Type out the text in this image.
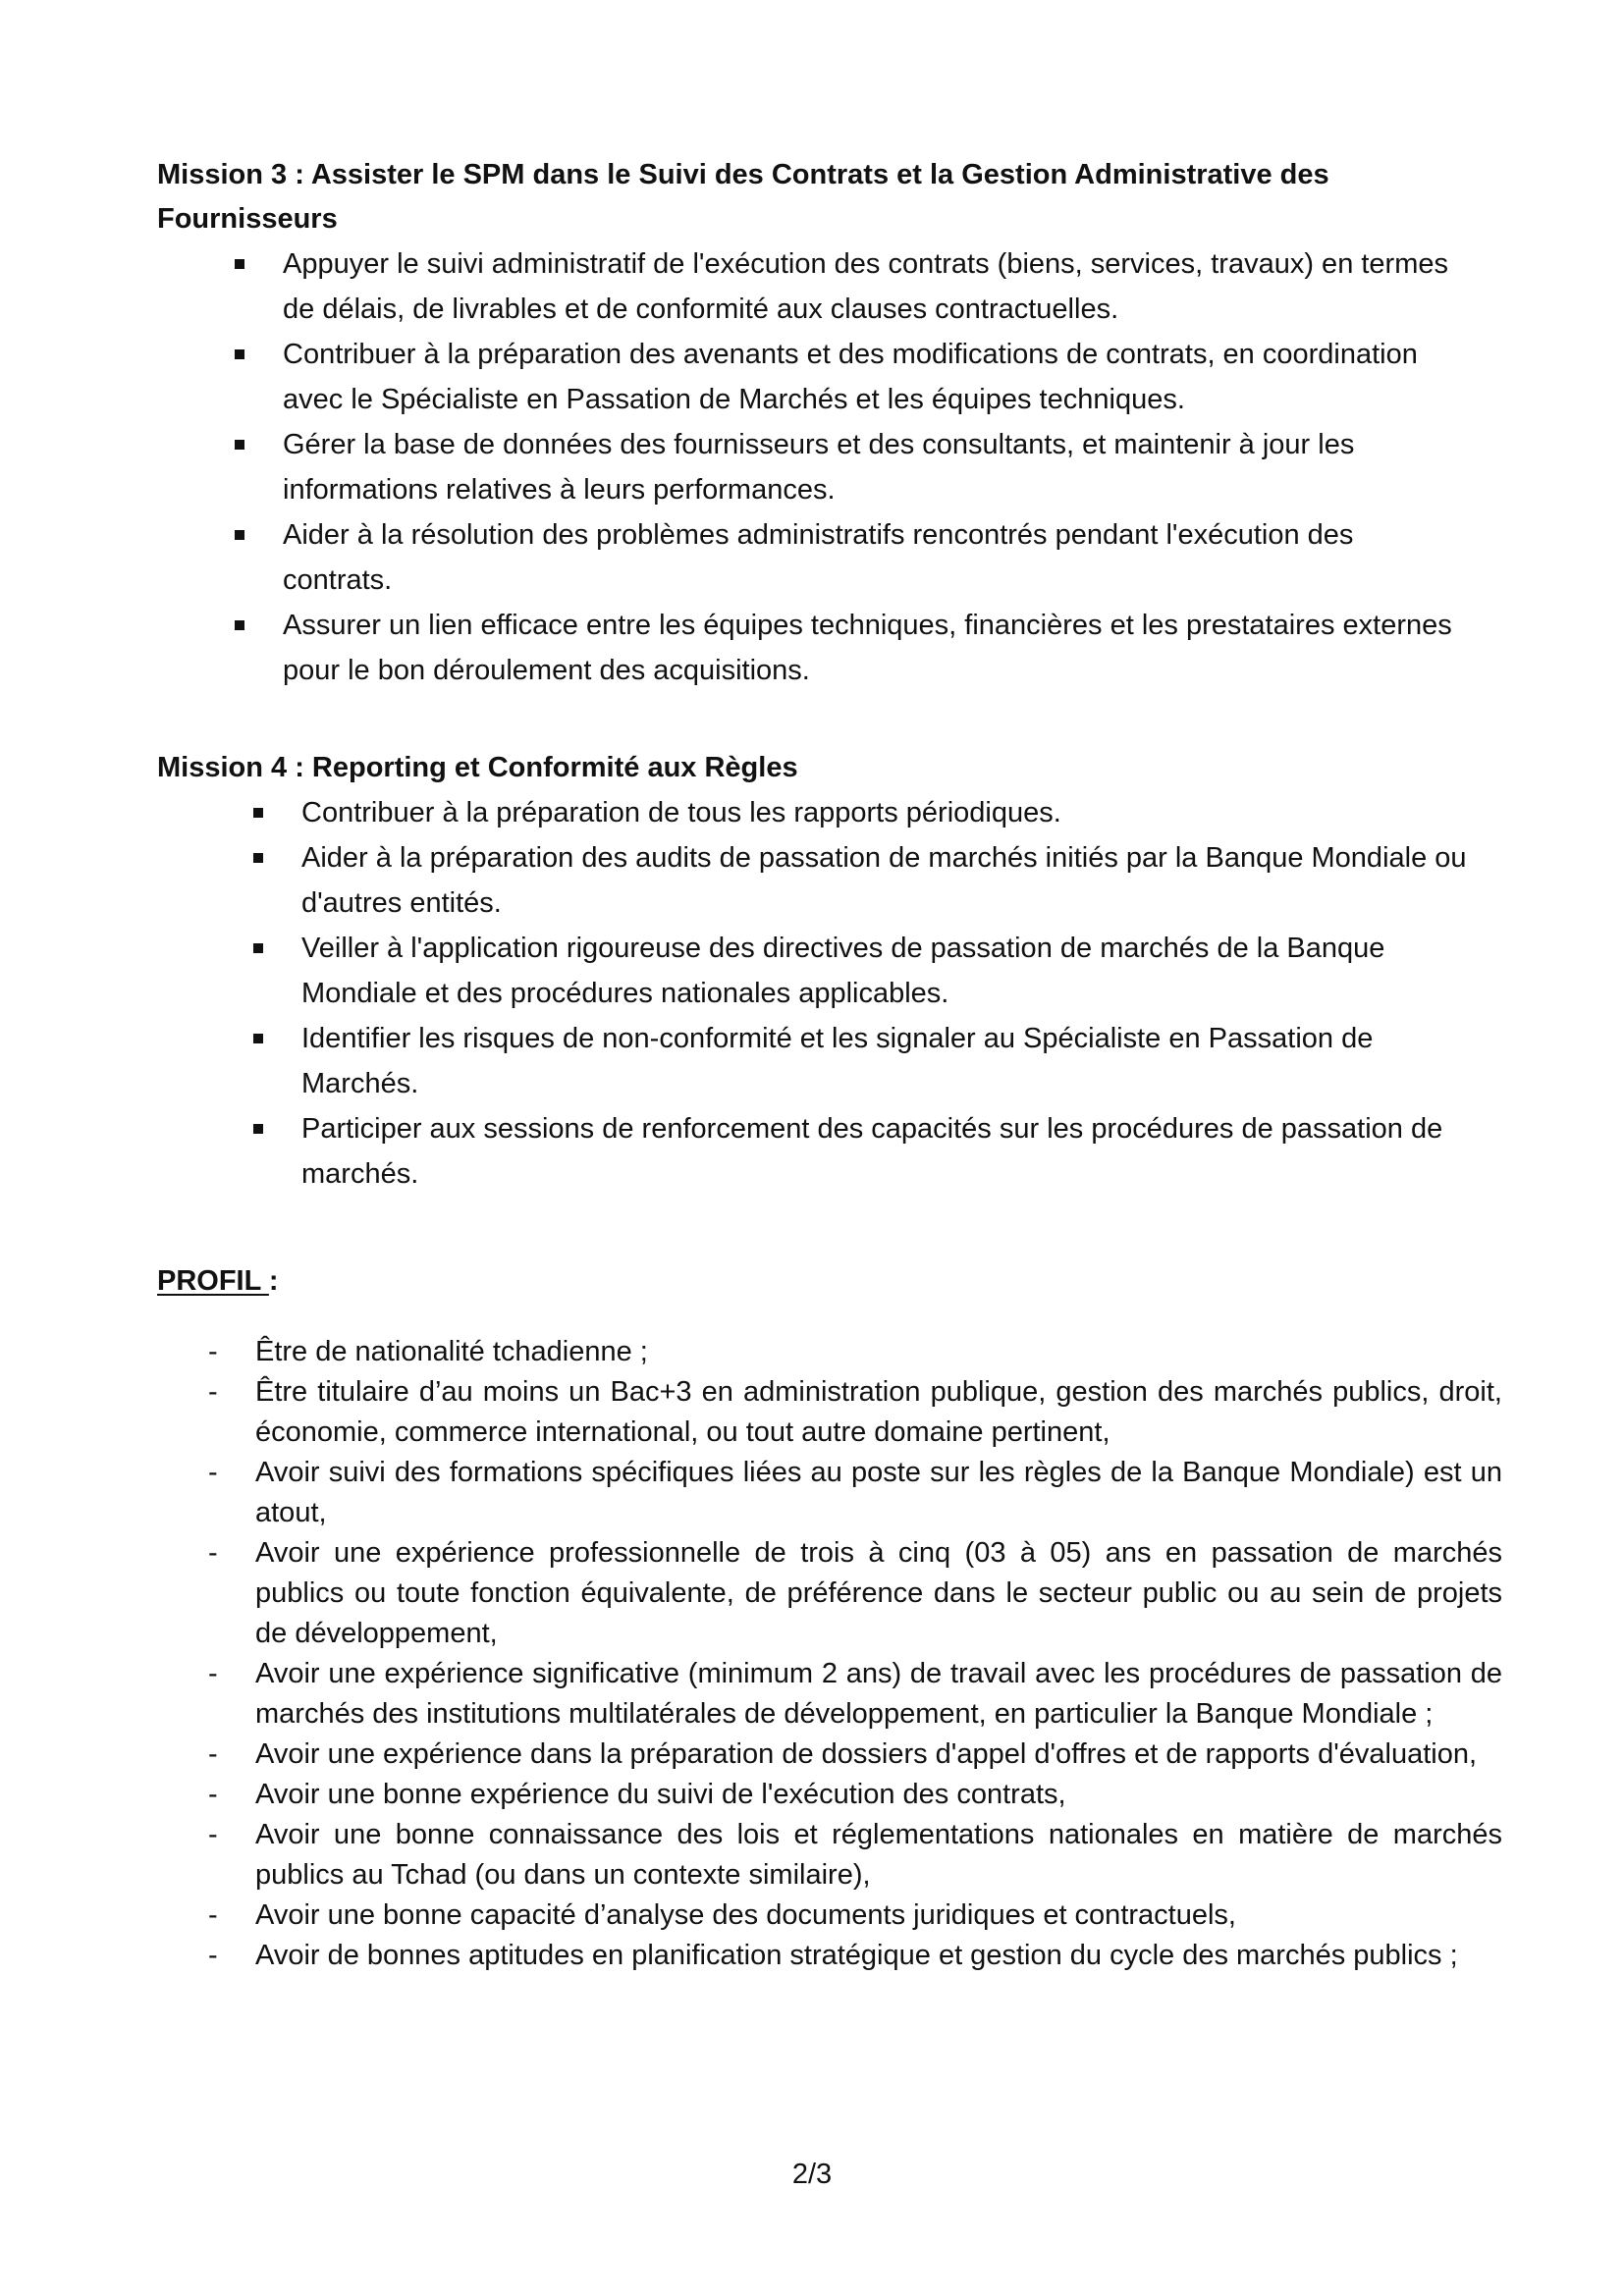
Mission 3 : Assister le SPM dans le Suivi des Contrats et la Gestion Administrative des Fournisseurs

Appuyer le suivi administratif de l'exécution des contrats (biens, services, travaux) en termes de délais, de livrables et de conformité aux clauses contractuelles.
Contribuer à la préparation des avenants et des modifications de contrats, en coordination avec le Spécialiste en Passation de Marchés et les équipes techniques.
Gérer la base de données des fournisseurs et des consultants, et maintenir à jour les informations relatives à leurs performances.
Aider à la résolution des problèmes administratifs rencontrés pendant l'exécution des contrats.
Assurer un lien efficace entre les équipes techniques, financières et les prestataires externes pour le bon déroulement des acquisitions.

Mission 4 : Reporting et Conformité aux Règles

Contribuer à la préparation de tous les rapports périodiques.
Aider à la préparation des audits de passation de marchés initiés par la Banque Mondiale ou d'autres entités.
Veiller à l'application rigoureuse des directives de passation de marchés de la Banque Mondiale et des procédures nationales applicables.
Identifier les risques de non-conformité et les signaler au Spécialiste en Passation de Marchés.
Participer aux sessions de renforcement des capacités sur les procédures de passation de marchés.
PROFIL :
- Être de nationalité tchadienne ;
- Être titulaire d’au moins un Bac+3 en administration publique, gestion des marchés publics, droit, économie, commerce international, ou tout autre domaine pertinent,
- Avoir suivi des formations spécifiques liées au poste sur les règles de la Banque Mondiale) est un atout,
- Avoir une expérience professionnelle de trois à cinq (03 à 05) ans en passation de marchés publics ou toute fonction équivalente, de préférence dans le secteur public ou au sein de projets de développement,
- Avoir une expérience significative (minimum 2 ans) de travail avec les procédures de passation de marchés des institutions multilatérales de développement, en particulier la Banque Mondiale ;
- Avoir une expérience dans la préparation de dossiers d'appel d'offres et de rapports d'évaluation,
- Avoir une bonne expérience du suivi de l'exécution des contrats,
- Avoir une bonne connaissance des lois et réglementations nationales en matière de marchés publics au Tchad (ou dans un contexte similaire),
- Avoir une bonne capacité d’analyse des documents juridiques et contractuels,
- Avoir de bonnes aptitudes en planification stratégique et gestion du cycle des marchés publics ;
2/3
